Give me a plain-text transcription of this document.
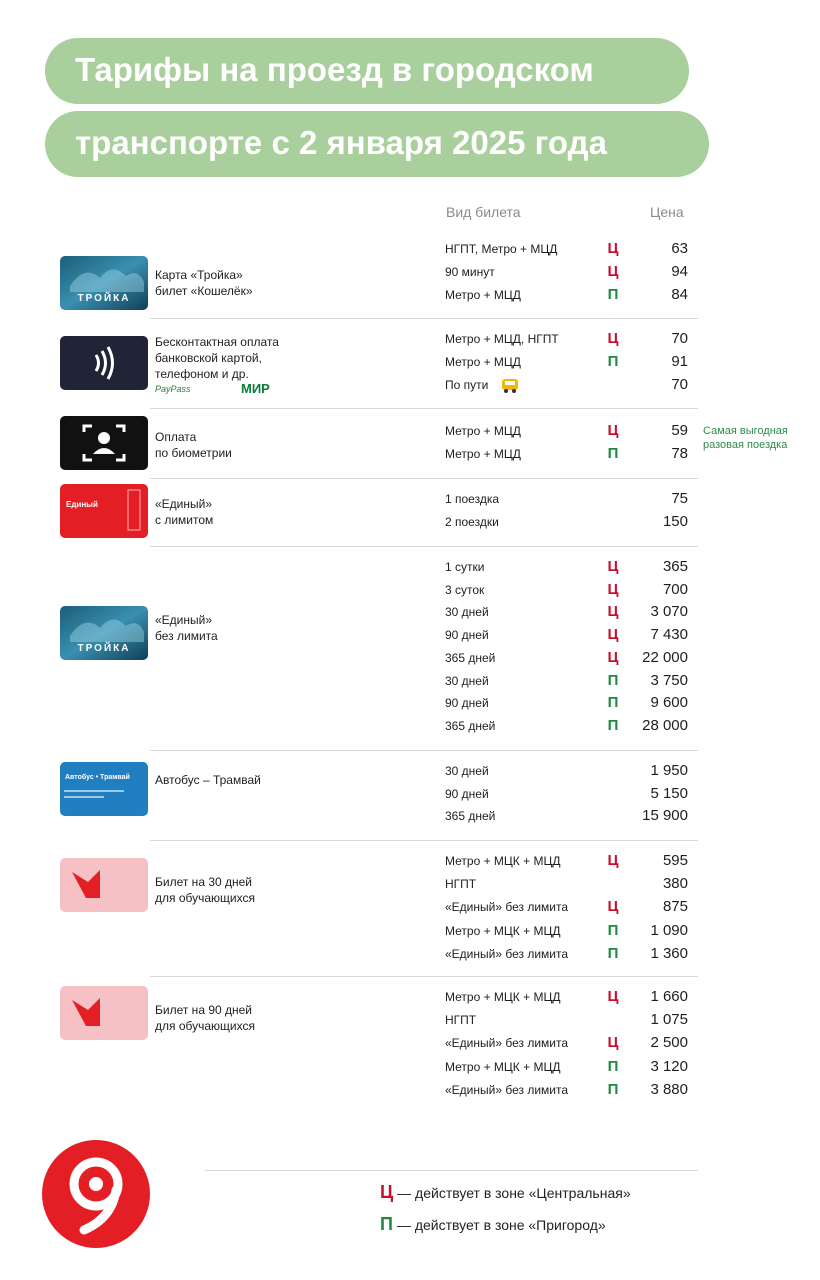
Тарифы на проезд в городском
транспорте с 2 января 2025 года
Вид билета	Цена
ТРОЙКА
Карта «Тройка»
билет «Кошелёк»
НГПТ, Метро + МЦД	Ц	63
90 минут	Ц	94
Метро + МЦД	П	84
PayPass	МИР
Бесконтактная оплата
банковской картой,
телефоном и др.
Метро + МЦД, НГПТ	Ц	70
Метро + МЦД	П	91
По пути	70
Оплата
по биометрии
Метро + МЦД	Ц	59
Метро + МЦД	П	78
Единый	«Единый»
с лимитом
1 поездка	75
2 поездки	150
ТРОЙКА
«Единый»
без лимита
1 сутки	Ц	365
3 суток	Ц	700
30 дней	Ц 3 070
90 дней	Ц 7 430
365 дней	Ц 22 000
30 дней	П 3 750
90 дней	П 9 600
365 дней	П 28 000
Автобус • Трамвай	Автобус – Трамвай
30 дней	1 950
90 дней	5 150
365 дней	15 900
Билет на 30 дней
для обучающихся
Метро + МЦК + МЦД	Ц	595
НГПТ	380
«Единый» без лимита	Ц	875
Метро + МЦК + МЦД	П 1 090
«Единый» без лимита	П 1 360
Билет на 90 дней
для обучающихся
Метро + МЦК + МЦД	Ц 1 660
НГПТ	1 075
«Единый» без лимита	Ц 2 500
Метро + МЦК + МЦД	П 3 120
«Единый» без лимита	П 3 880
Самая выгодная
разовая поездка
Ц — действует в зоне «Центральная»
П — действует в зоне «Пригород»
